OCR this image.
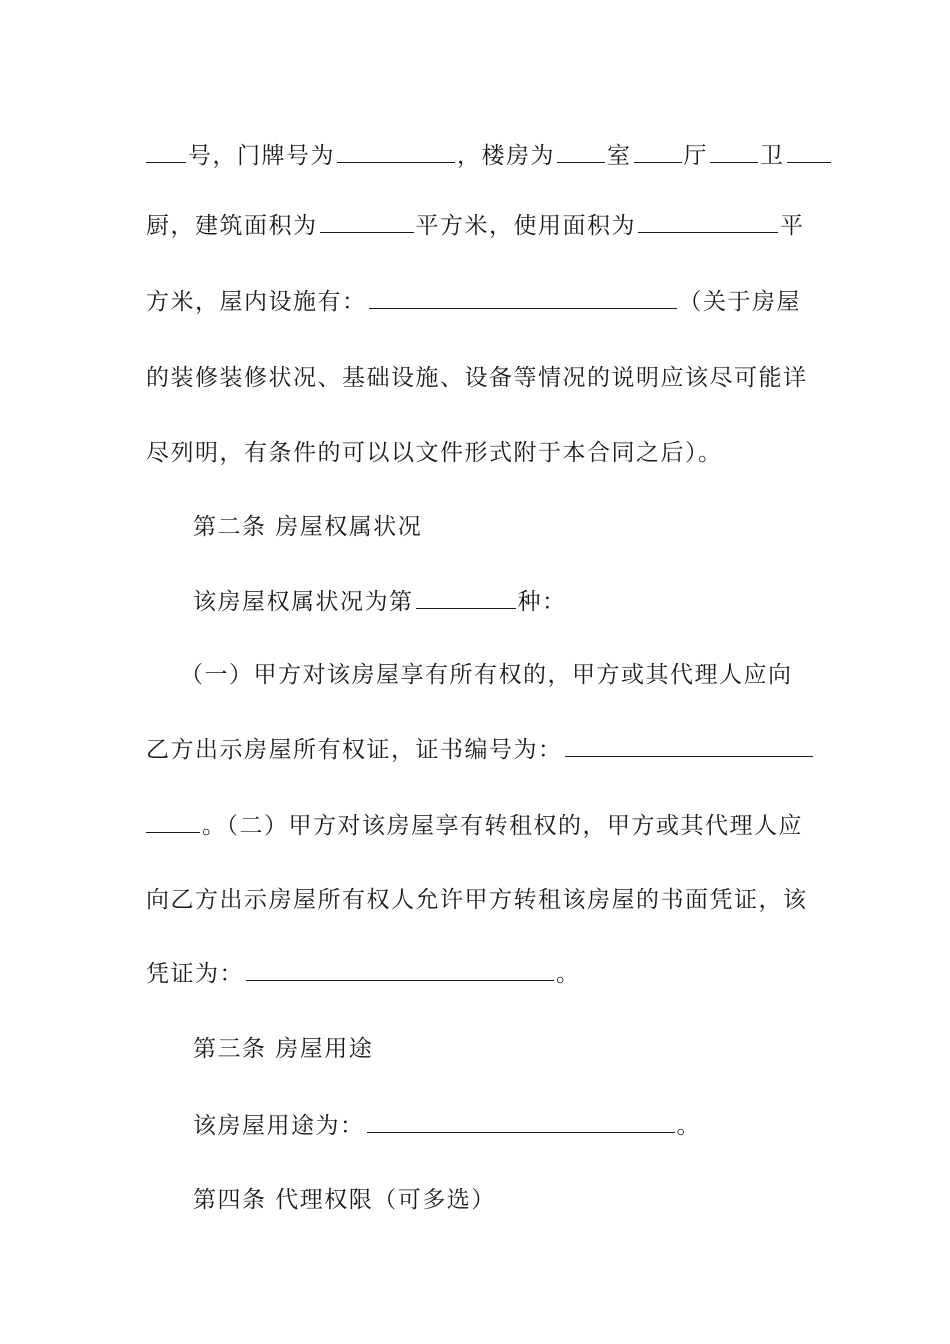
号，门牌号为	，楼房为 室 厅 卫
厨，建筑面积为	平方米，使用面积为	平
方米，屋内设施有：	（关于房屋
的装修装修状况、基础设施、设备等情况的说明应该尽可能详
尽列明，有条件的可以以文件形式附于本合同之后）。
第二条 房屋权属状况
该房屋权属状况为第	种：
（一）甲方对该房屋享有所有权的，甲方或其代理人应向
乙方出示房屋所有权证，证书编号为：
。（二）甲方对该房屋享有转租权的，甲方或其代理人应
向乙方出示房屋所有权人允许甲方转租该房屋的书面凭证，该
凭证为：	。
第三条 房屋用途
该房屋用途为：	。
第四条 代理权限（可多选）
